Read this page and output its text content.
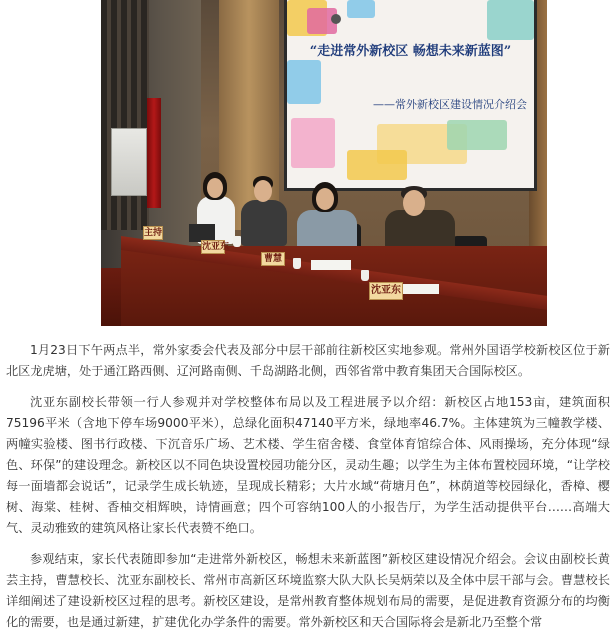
“走进常外新校区 畅想未来新蓝图”
——常外新校区建设情况介绍会
主持
沈亚东
曹慧
沈亚东

1月23日下午两点半，常外家委会代表及部分中层干部前往新校区实地参观。常州外国语学校新校区位于新北区龙虎塘，处于通江路西侧、辽河路南侧、千岛湖路北侧，西邻省常中教育集团天合国际校区。

沈亚东副校长带领一行人参观并对学校整体布局以及工程进展予以介绍：新校区占地153亩，建筑面积75196平米（含地下停车场9000平米），总绿化面积47140平方米，绿地率46.7%。主体建筑为三幢教学楼、两幢实验楼、图书行政楼、下沉音乐广场、艺术楼、学生宿舍楼、食堂体育馆综合体、风雨操场，充分体现“绿色、环保”的建设理念。新校区以不同色块设置校园功能分区，灵动生趣；以学生为主体布置校园环境，“让学校每一面墙都会说话”，记录学生成长轨迹，呈现成长精彩；大片水域“荷塘月色”，林荫道等校园绿化，香樟、樱树、海棠、桂树、香柚交相辉映，诗情画意；四个可容纳100人的小报告厅，为学生活动提供平台……高端大气、灵动雅致的建筑风格让家长代表赞不绝口。

参观结束，家长代表随即参加“走进常外新校区，畅想未来新蓝图”新校区建设情况介绍会。会议由副校长黄芸主持，曹慧校长、沈亚东副校长、常州市高新区环境监察大队大队长吴炳荣以及全体中层干部与会。曹慧校长详细阐述了建设新校区过程的思考。新校区建设，是常州教育整体规划布局的需要，是促进教育资源分布的均衡化的需要，也是通过新建，扩建优化办学条件的需要。常外新校区和天合国际将会是新北乃至整个常
